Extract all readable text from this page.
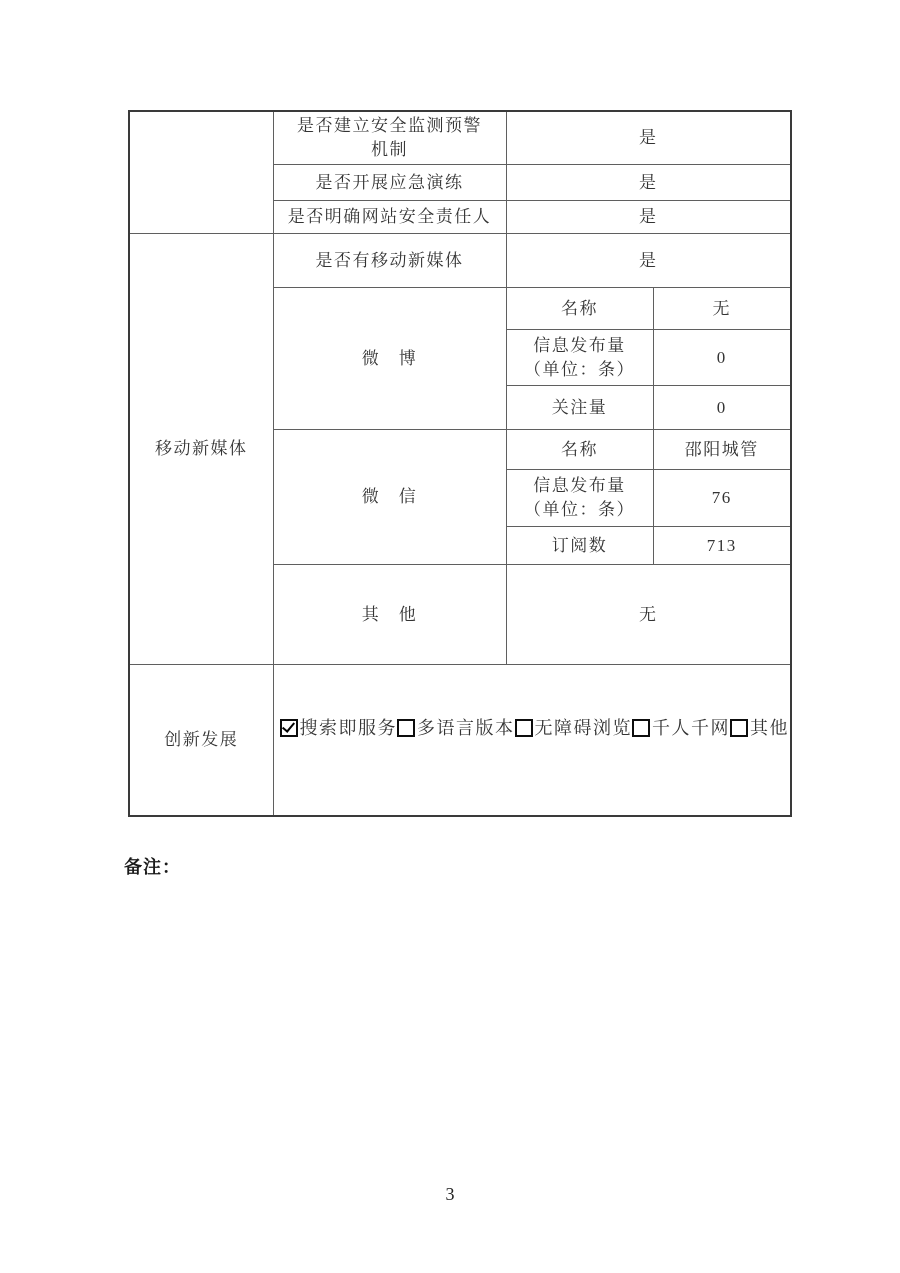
	是否建立安全监测预警
机制	是	
	是否开展应急演练	是	
	是否明确网站安全责任人	是	
移动新媒体	是否有移动新媒体	是	
	微　博	名称	无

		信息发布量
（单位：条）	0
		关注量	0
	微　信	名称	邵阳城管

		信息发布量
（单位：条）	76
		订阅数	713
	其　他	无	
创新发展	搜索即服务 多语言版本 无障碍浏览 千人千网 其他		
备注：
3
